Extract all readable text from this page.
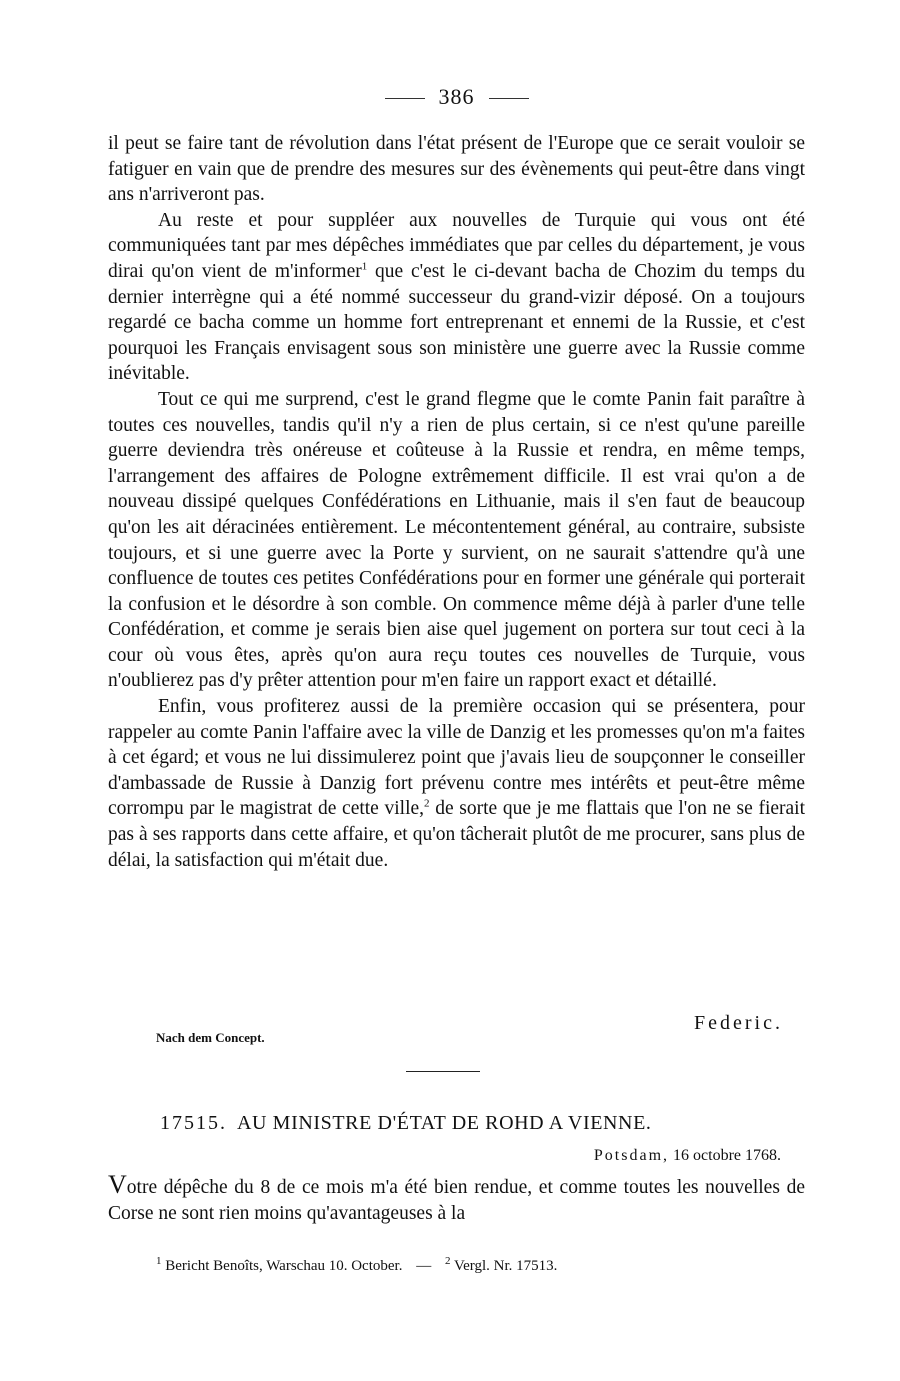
386

il peut se faire tant de révolution dans l'état présent de l'Europe que ce serait vouloir se fatiguer en vain que de prendre des mesures sur des évènements qui peut-être dans vingt ans n'arriveront pas.

Au reste et pour suppléer aux nouvelles de Turquie qui vous ont été communiquées tant par mes dépêches immédiates que par celles du département, je vous dirai qu'on vient de m'informer$^1$ que c'est le ci-devant bacha de Chozim du temps du dernier interrègne qui a été nommé successeur du grand-vizir déposé. On a toujours regardé ce bacha comme un homme fort entreprenant et ennemi de la Russie, et c'est pourquoi les Français envisagent sous son ministère une guerre avec la Russie comme inévitable.

Tout ce qui me surprend, c'est le grand flegme que le comte Panin fait paraître à toutes ces nouvelles, tandis qu'il n'y a rien de plus certain, si ce n'est qu'une pareille guerre deviendra très onéreuse et coûteuse à la Russie et rendra, en même temps, l'arrangement des affaires de Pologne extrêmement difficile. Il est vrai qu'on a de nouveau dissipé quelques Confédérations en Lithuanie, mais il s'en faut de beaucoup qu'on les ait déracinées entièrement. Le mécontentement général, au contraire, subsiste toujours, et si une guerre avec la Porte y survient, on ne saurait s'attendre qu'à une confluence de toutes ces petites Confédérations pour en former une générale qui porterait la confusion et le désordre à son comble. On commence même déjà à parler d'une telle Confédération, et comme je serais bien aise quel jugement on portera sur tout ceci à la cour où vous êtes, après qu'on aura reçu toutes ces nouvelles de Turquie, vous n'oublierez pas d'y prêter attention pour m'en faire un rapport exact et détaillé.

Enfin, vous profiterez aussi de la première occasion qui se présentera, pour rappeler au comte Panin l'affaire avec la ville de Danzig et les promesses qu'on m'a faites à cet égard; et vous ne lui dissimulerez point que j'avais lieu de soupçonner le conseiller d'ambassade de Russie à Danzig fort prévenu contre mes intérêts et peut-être même corrompu par le magistrat de cette ville,$^2$ de sorte que je me flattais que l'on ne se fierait pas à ses rapports dans cette affaire, et qu'on tâcherait plutôt de me procurer, sans plus de délai, la satisfaction qui m'était due.

Federic.
Nach dem Concept.
17515. AU MINISTRE D'ÉTAT DE ROHD A VIENNE.
Potsdam, 16 octobre 1768.

Votre dépêche du 8 de ce mois m'a été bien rendue, et comme toutes les nouvelles de Corse ne sont rien moins qu'avantageuses à la

$^1$ Bericht Benoîts, Warschau 10. October. — $^2$ Vergl. Nr. 17513.
